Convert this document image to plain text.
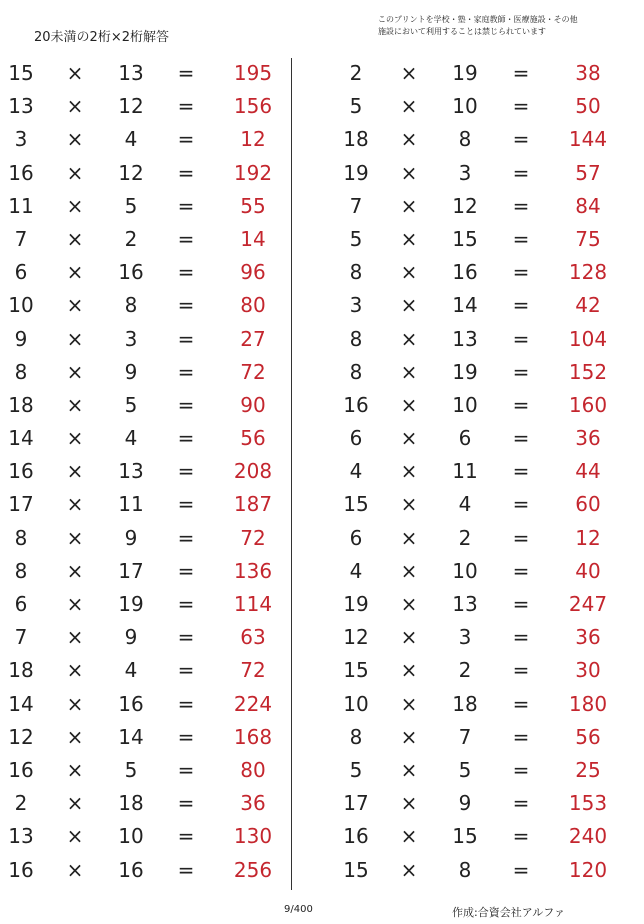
20未満の2桁×2桁解答
このプリントを学校・塾・家庭教師・医療施設・その他
施設において利用することは禁じられています
15 ×	13	=	195
13 ×	12	=	156
3	×	4	=	12
16 ×	12	=	192
11 ×	5	=	55
7	×	2	=	14
6	×	16	=	96
10 ×	8	=	80
9	×	3	=	27
8	×	9	=	72
18 ×	5	=	90
14 ×	4	=	56
16 ×	13	=	208
17 ×	11	=	187
8	×	9	=	72
8	×	17	=	136
6	×	19	=	114
7	×	9	=	63
18 ×	4	=	72
14 ×	16	=	224
12 ×	14	=	168
16 ×	5	=	80
2	×	18	=	36
13 ×	10	=	130
16 ×	16	=	256
2	×	19	=	38
5	×	10	=	50
18	×	8	=	144
19	×	3	=	57
7	×	12	=	84
5	×	15	=	75
8	×	16	=	128
3	×	14	=	42
8	×	13	=	104
8	×	19	=	152
16	×	10	=	160
6	×	6	=	36
4	×	11	=	44
15	×	4	=	60
6	×	2	=	12
4	×	10	=	40
19	×	13	=	247
12	×	3	=	36
15	×	2	=	30
10	×	18	=	180
8	×	7	=	56
5	×	5	=	25
17	×	9	=	153
16	×	15	=	240
15	×	8	=	120
9/400	作成:合資会社アルファ
